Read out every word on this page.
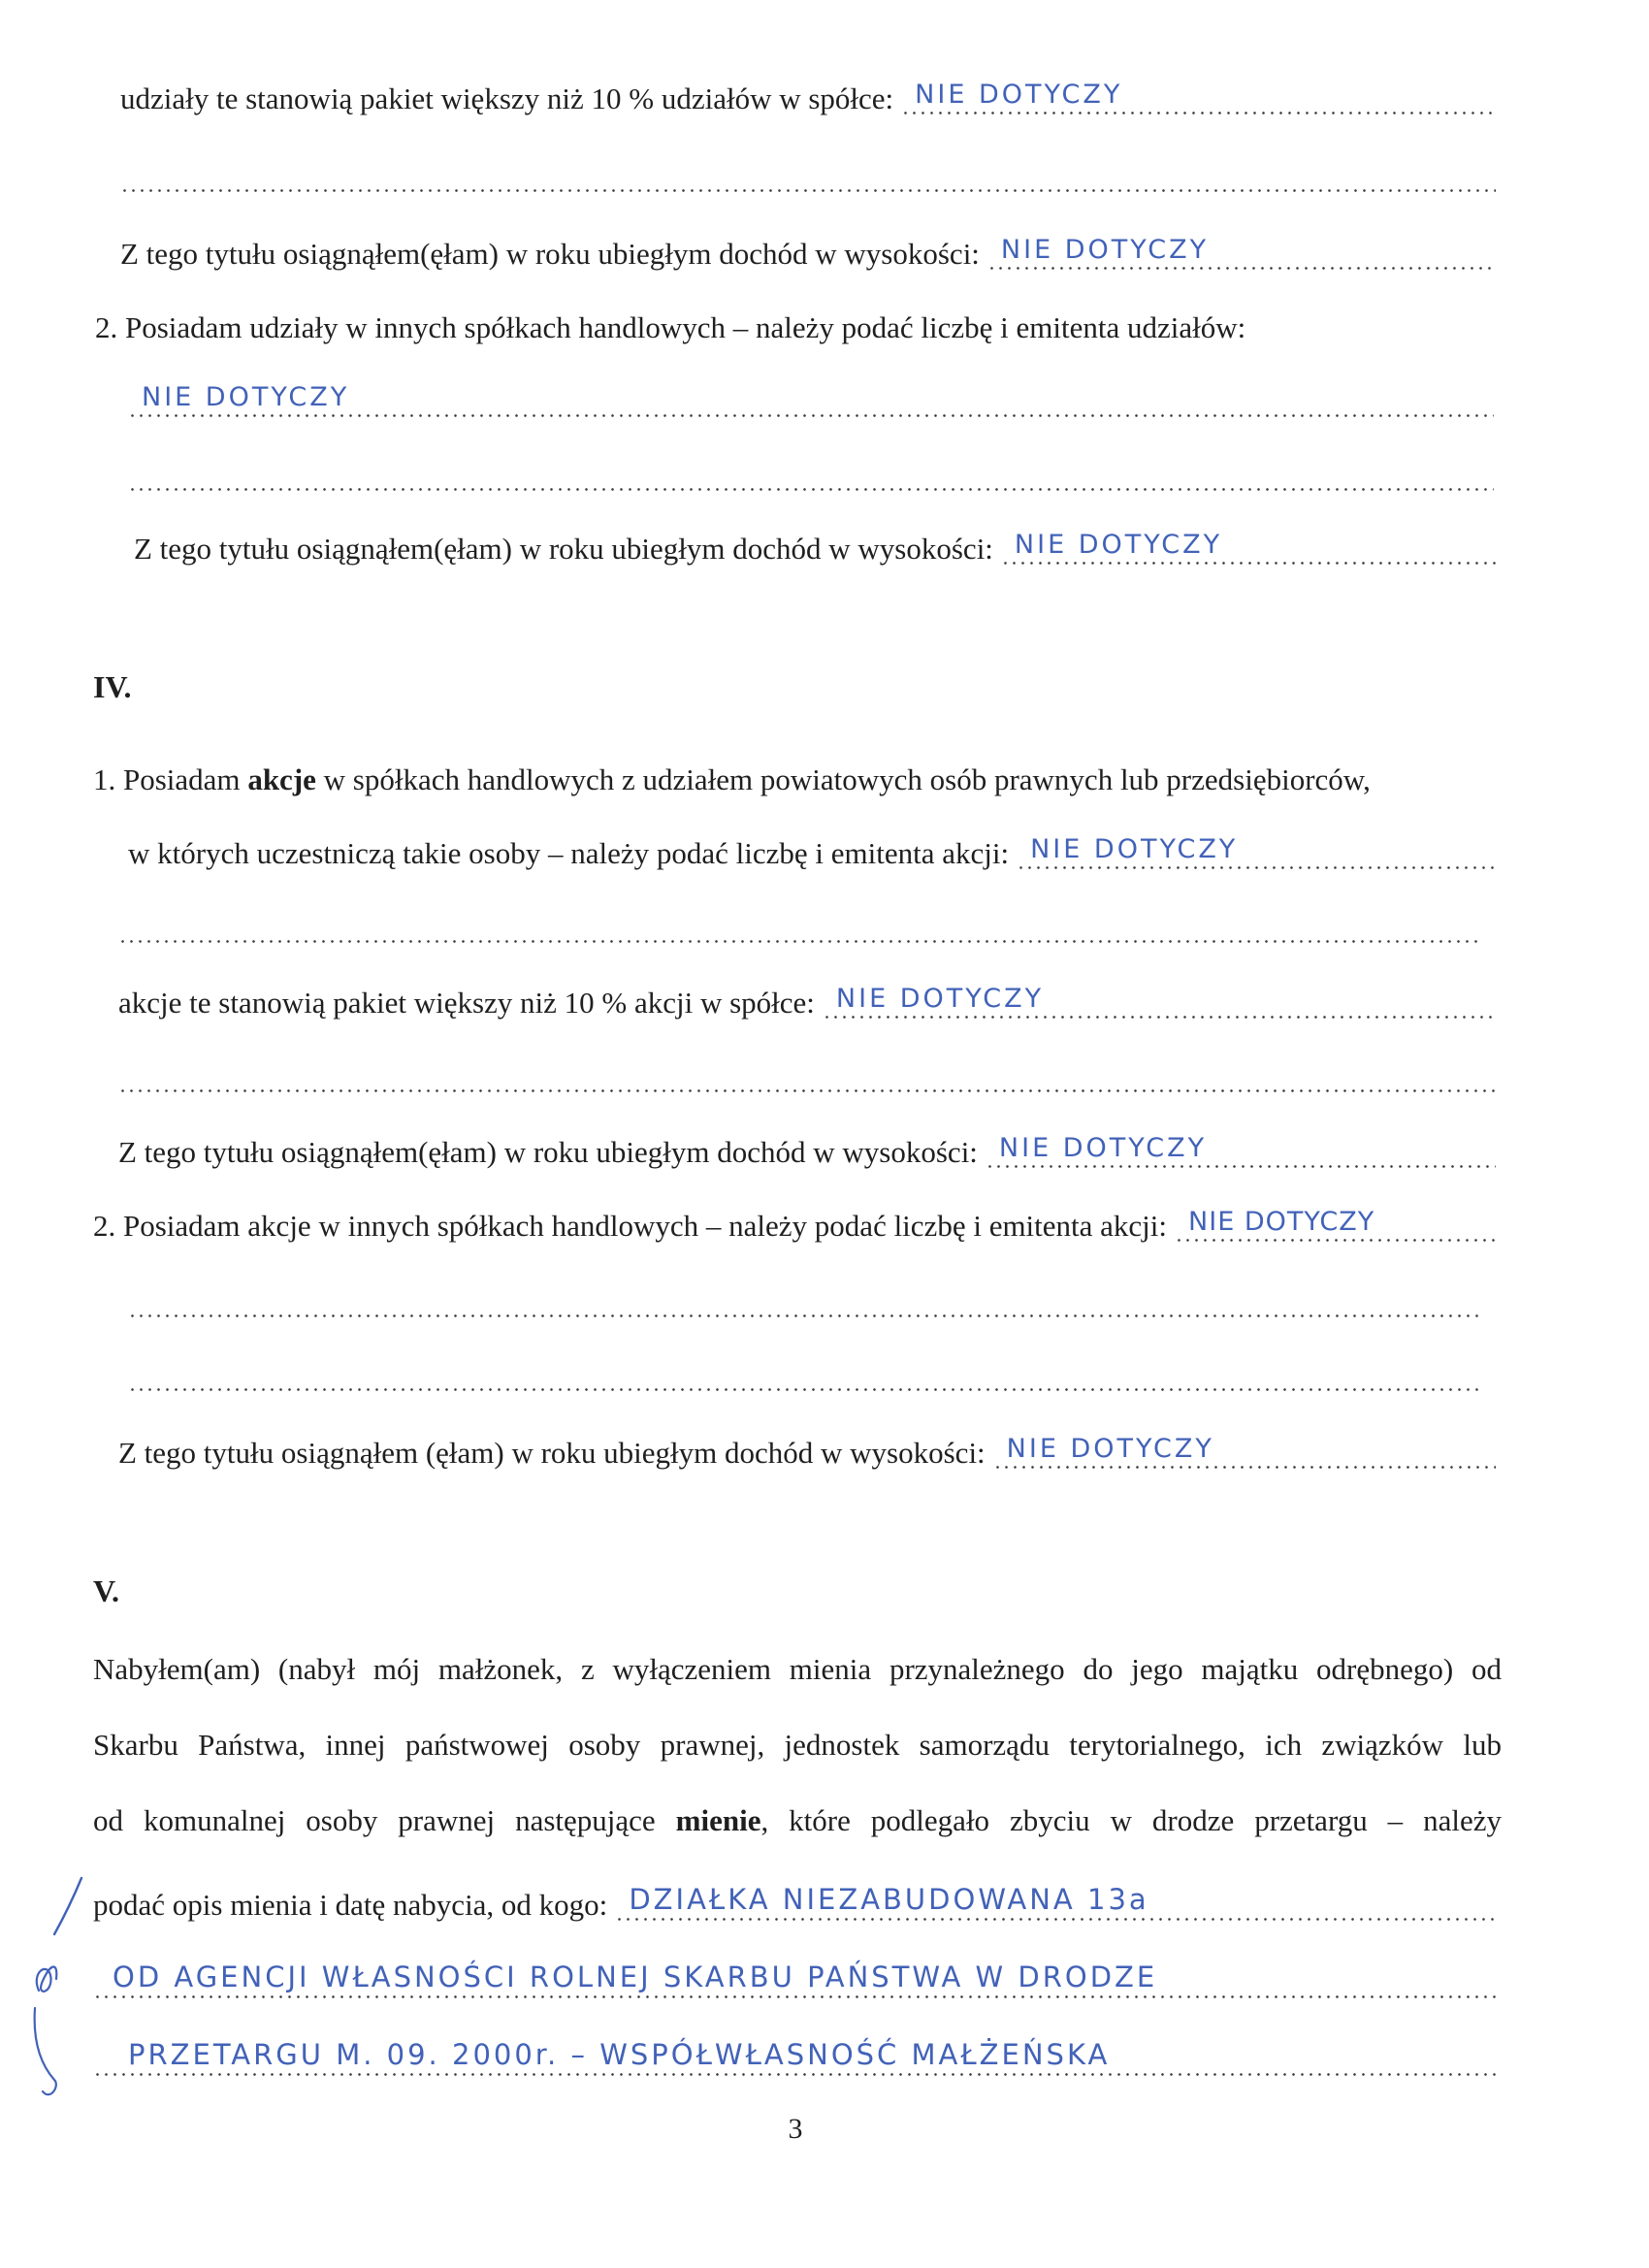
udziały te stanowią pakiet większy niż 10 % udziałów w spółce: NIE DOTYCZY
Z tego tytułu osiągnąłem(ęłam) w roku ubiegłym dochód w wysokości: NIE DOTYCZY
2. Posiadam udziały w innych spółkach handlowych – należy podać liczbę i emitenta udziałów:
NIE DOTYCZY
Z tego tytułu osiągnąłem(ęłam) w roku ubiegłym dochód w wysokości: NIE DOTYCZY
IV.
1. Posiadam akcje w spółkach handlowych z udziałem powiatowych osób prawnych lub przedsiębiorców,
w których uczestniczą takie osoby – należy podać liczbę i emitenta akcji: NIE DOTYCZY
akcje te stanowią pakiet większy niż 10 % akcji w spółce: NIE DOTYCZY
Z tego tytułu osiągnąłem(ęłam) w roku ubiegłym dochód w wysokości: NIE DOTYCZY
2. Posiadam akcje w innych spółkach handlowych – należy podać liczbę i emitenta akcji: NIE DOTYCZY
Z tego tytułu osiągnąłem (ęłam) w roku ubiegłym dochód w wysokości: NIE DOTYCZY
V.
Nabyłem(am) (nabył mój małżonek, z wyłączeniem mienia przynależnego do jego majątku odrębnego) od
Skarbu Państwa, innej państwowej osoby prawnej, jednostek samorządu terytorialnego, ich związków lub
od komunalnej osoby prawnej następujące mienie, które podlegało zbyciu w drodze przetargu – należy
podać opis mienia i datę nabycia, od kogo: DZIAŁKA NIEZABUDOWANA 13a
OD AGENCJI WŁASNOŚCI ROLNEJ SKARBU PAŃSTWA W DRODZE
PRZETARGU M. 09. 2000r. – WSPÓŁWŁASNOŚĆ MAŁŻEŃSKA
3
